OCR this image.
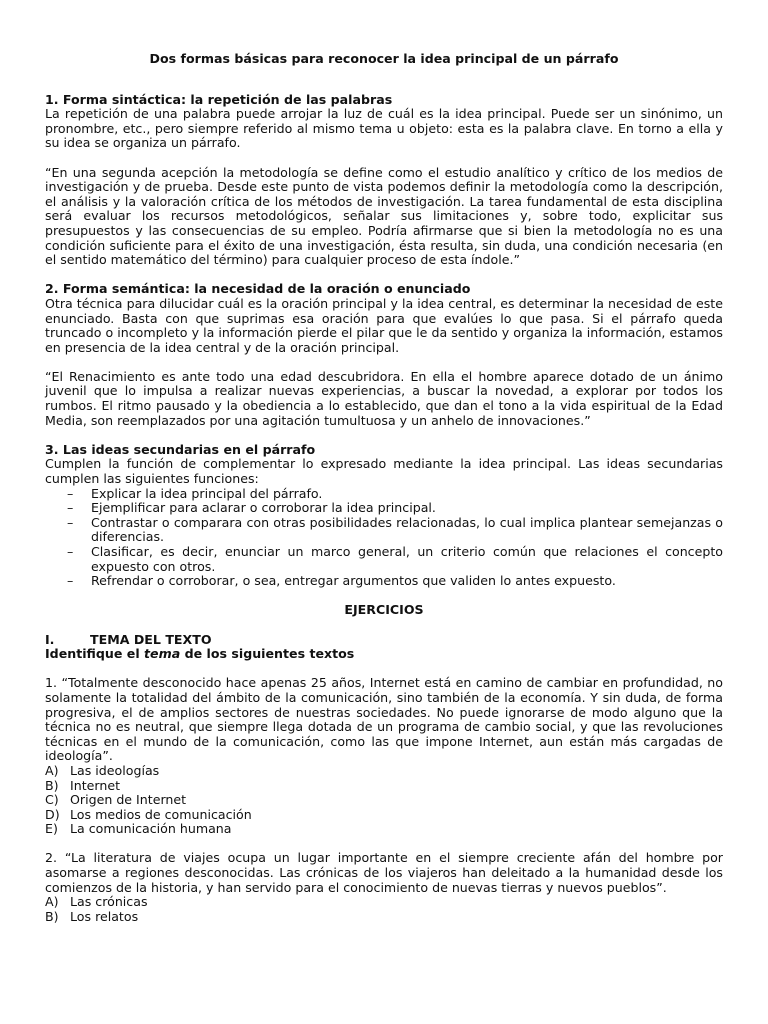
Dos formas básicas para reconocer la idea principal de un párrafo
1. Forma sintáctica: la repetición de las palabras

La repetición de una palabra puede arrojar la luz de cuál es la idea principal. Puede ser un sinónimo, un pronombre, etc., pero siempre referido al mismo tema u objeto: esta es la palabra clave. En torno a ella y su idea se organiza un párrafo.

“En una segunda acepción la metodología se define como el estudio analítico y crítico de los medios de investigación y de prueba. Desde este punto de vista podemos definir la metodología como la descripción, el análisis y la valoración crítica de los métodos de investigación. La tarea fundamental de esta disciplina será evaluar los recursos metodológicos, señalar sus limitaciones y, sobre todo, explicitar sus presupuestos y las consecuencias de su empleo. Podría afirmarse que si bien la metodología no es una condición suficiente para el éxito de una investigación, ésta resulta, sin duda, una condición necesaria (en el sentido matemático del término) para cualquier proceso de esta índole.”

2. Forma semántica: la necesidad de la oración o enunciado

Otra técnica para dilucidar cuál es la oración principal y la idea central, es determinar la necesidad de este enunciado. Basta con que suprimas esa oración para que evalúes lo que pasa. Si el párrafo queda truncado o incompleto y la información pierde el pilar que le da sentido y organiza la información, estamos en presencia de la idea central y de la oración principal.

“El Renacimiento es ante todo una edad descubridora. En ella el hombre aparece dotado de un ánimo juvenil que lo impulsa a realizar nuevas experiencias, a buscar la novedad, a explorar por todos los rumbos. El ritmo pausado y la obediencia a lo establecido, que dan el tono a la vida espiritual de la Edad Media, son reemplazados por una agitación tumultuosa y un anhelo de innovaciones.”

3. Las ideas secundarias en el párrafo

Cumplen la función de complementar lo expresado mediante la idea principal. Las ideas secundarias cumplen las siguientes funciones:

– Explicar la idea principal del párrafo.
– Ejemplificar para aclarar o corroborar la idea principal.
– Contrastar o compararа con otras posibilidades relacionadas, lo cual implica plantear semejanzas o diferencias.
– Clasificar, es decir, enunciar un marco general, un criterio común que relaciones el concepto expuesto con otros.
– Refrendar o corroborar, o sea, entregar argumentos que validen lo antes expuesto.
EJERCICIOS
I.	TEMA DEL TEXTO
Identifique el tema de los siguientes textos

1. “Totalmente desconocido hace apenas 25 años, Internet está en camino de cambiar en profundidad, no solamente la totalidad del ámbito de la comunicación, sino también de la economía. Y sin duda, de forma progresiva, el de amplios sectores de nuestras sociedades. No puede ignorarse de modo alguno que la técnica no es neutral, que siempre llega dotada de un programa de cambio social, y que las revoluciones técnicas en el mundo de la comunicación, como las que impone Internet, aun están más cargadas de ideología”.

A) Las ideologías
B) Internet
C) Origen de Internet
D) Los medios de comunicación
E) La comunicación humana

2. “La literatura de viajes ocupa un lugar importante en el siempre creciente afán del hombre por asomarse a regiones desconocidas. Las crónicas de los viajeros han deleitado a la humanidad desde los comienzos de la historia, y han servido para el conocimiento de nuevas tierras y nuevos pueblos”.

A) Las crónicas
B) Los relatos
